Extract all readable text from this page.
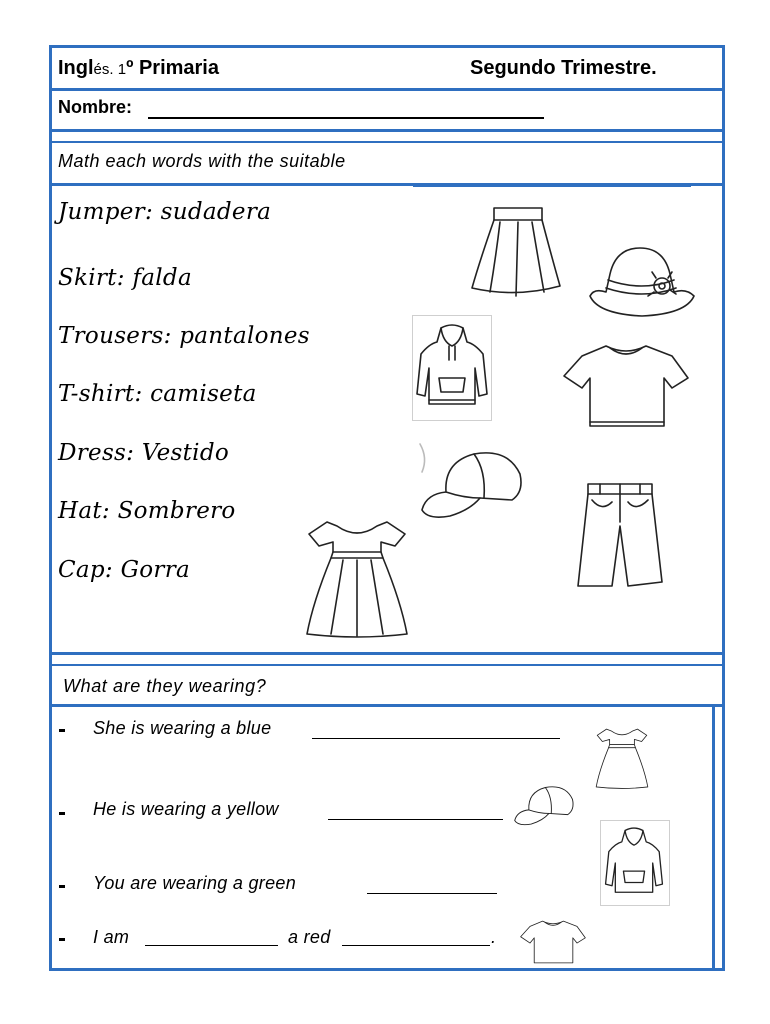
Inglés. 1º Primaria	Segundo Trimestre.
Nombre:
Math each words with the suitable
Jumper: sudadera
Skirt: falda
Trousers: pantalones
T-shirt: camiseta
Dress: Vestido
Hat: Sombrero
Cap: Gorra
What are they wearing?
She is wearing a blue
He is wearing a yellow
You are wearing a green
I am	a red	.
